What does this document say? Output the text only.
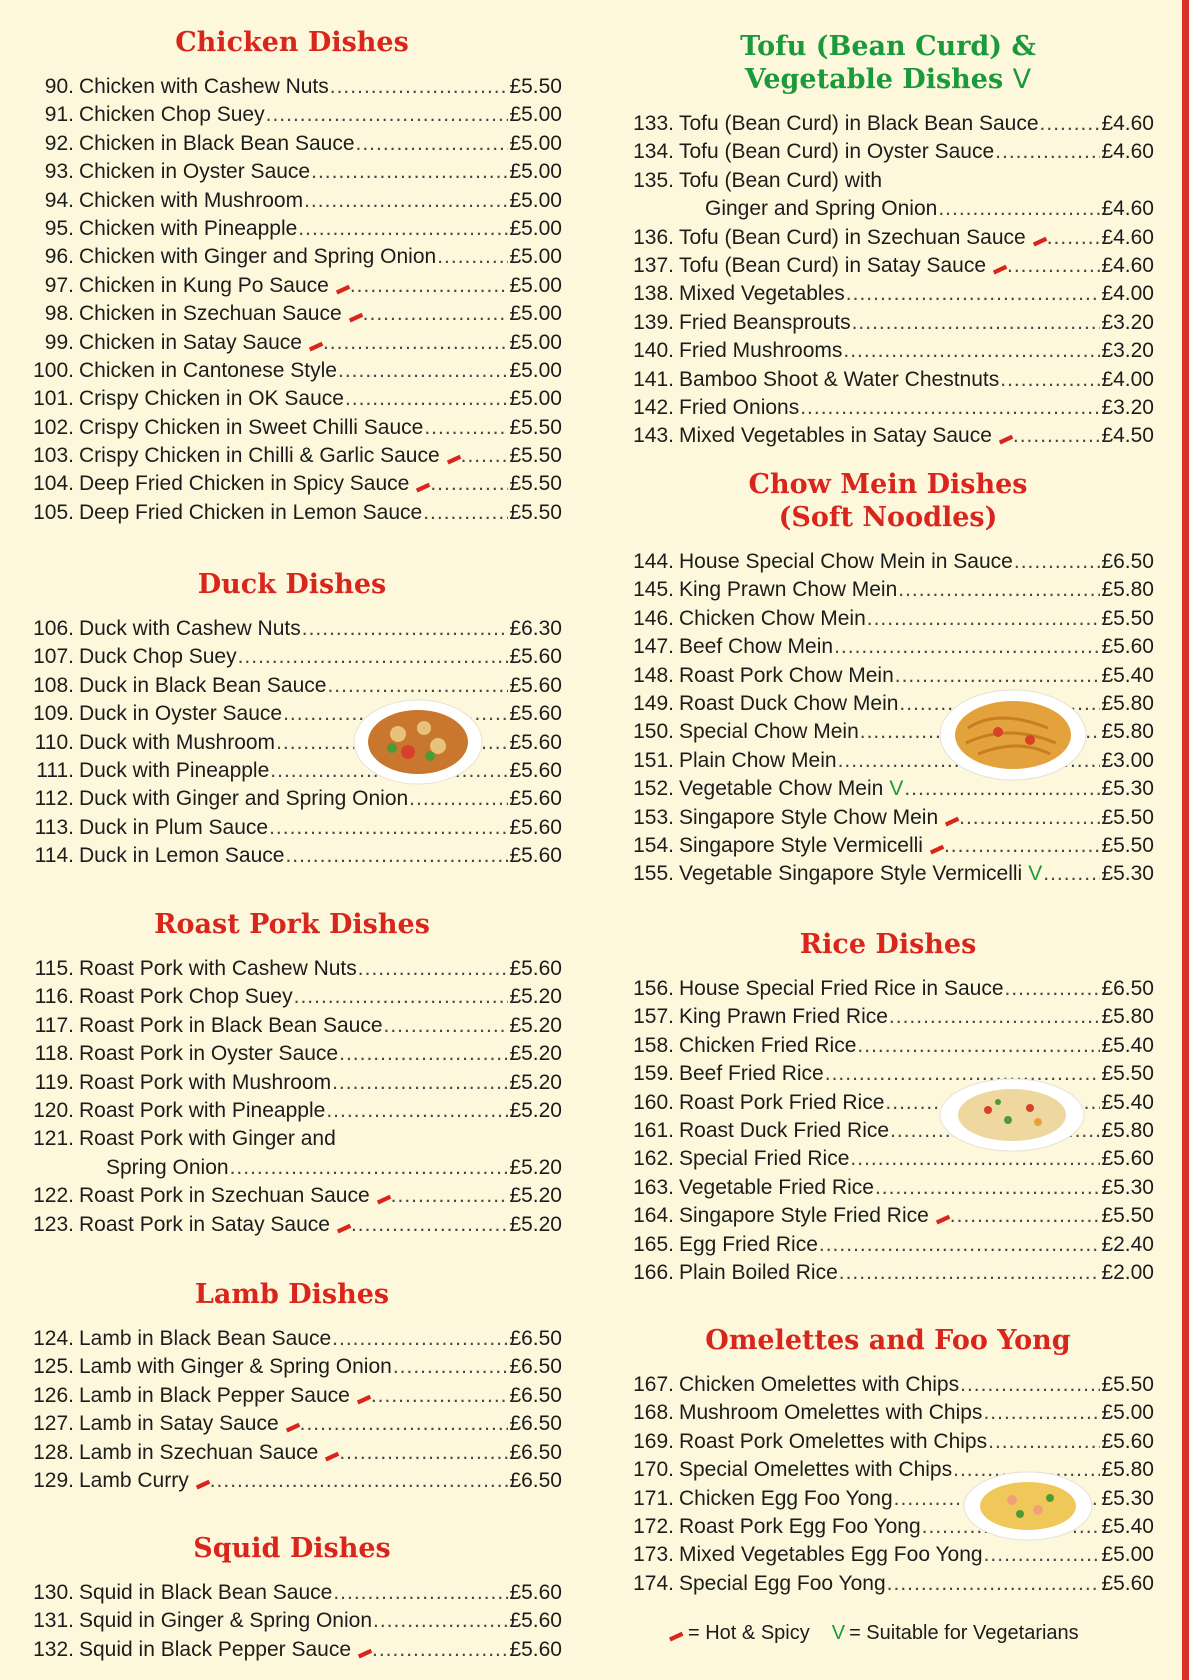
Chicken Dishes
90. Chicken with Cashew Nuts .....	£5.50
91. Chicken Chop Suey .....	£5.00
92. Chicken in Black Bean Sauce .....	£5.00
93. Chicken in Oyster Sauce .....	£5.00
94. Chicken with Mushroom .....	£5.00
95. Chicken with Pineapple .....	£5.00
96. Chicken with Ginger and Spring Onion .....	£5.00
97. Chicken in Kung Po Sauce ▬ .....	£5.00
98. Chicken in Szechuan Sauce ▬ .....	£5.00
99. Chicken in Satay Sauce ▬ .....	£5.00
100. Chicken in Cantonese Style .....	£5.00
101. Crispy Chicken in OK Sauce .....	£5.00
102. Crispy Chicken in Sweet Chilli Sauce .....	£5.50
103. Crispy Chicken in Chilli & Garlic Sauce ▬ ..... £5.50
104. Deep Fried Chicken in Spicy Sauce ▬ .....	£5.50
105. Deep Fried Chicken in Lemon Sauce .....	£5.50
Duck Dishes
106. Duck with Cashew Nuts .....	£6.30
107. Duck Chop Suey .....	£5.60
108. Duck in Black Bean Sauce .....	£5.60
109. Duck in Oyster Sauce .....	£5.60
110. Duck with Mushroom .....	£5.60
111. Duck with Pineapple .....	£5.60
112. Duck with Ginger and Spring Onion .....	£5.60
113. Duck in Plum Sauce .....	£5.60
114. Duck in Lemon Sauce .....	£5.60
Roast Pork Dishes
115. Roast Pork with Cashew Nuts .....	£5.60
116. Roast Pork Chop Suey .....	£5.20
117. Roast Pork in Black Bean Sauce .....	£5.20
118. Roast Pork in Oyster Sauce .....	£5.20
119. Roast Pork with Mushroom .....	£5.20
120. Roast Pork with Pineapple .....	£5.20
121. Roast Pork with Ginger and
Spring Onion .....	£5.20
122. Roast Pork in Szechuan Sauce ▬ .....	£5.20
123. Roast Pork in Satay Sauce ▬ .....	£5.20
Lamb Dishes
124. Lamb in Black Bean Sauce .....	£6.50
125. Lamb with Ginger & Spring Onion .....	£6.50
126. Lamb in Black Pepper Sauce ▬ .....	£6.50
127. Lamb in Satay Sauce ▬ .....	£6.50
128. Lamb in Szechuan Sauce ▬ .....	£6.50
129. Lamb Curry ▬ .....	£6.50
Squid Dishes
130. Squid in Black Bean Sauce .....	£5.60
131. Squid in Ginger & Spring Onion .....	£5.60
132. Squid in Black Pepper Sauce ▬ .....	£5.60
Tofu (Bean Curd) &
Vegetable Dishes V
133. Tofu (Bean Curd) in Black Bean Sauce .....	£4.60
134. Tofu (Bean Curd) in Oyster Sauce .....	£4.60
135. Tofu (Bean Curd) with
Ginger and Spring Onion .....	£4.60
136. Tofu (Bean Curd) in Szechuan Sauce ▬ .....	£4.60
137. Tofu (Bean Curd) in Satay Sauce ▬ .....	£4.60
138. Mixed Vegetables .....	£4.00
139. Fried Beansprouts .....	£3.20
140. Fried Mushrooms .....	£3.20
141. Bamboo Shoot & Water Chestnuts .....	£4.00
142. Fried Onions .....	£3.20
143. Mixed Vegetables in Satay Sauce ▬ .....	£4.50
Chow Mein Dishes
(Soft Noodles)
144. House Special Chow Mein in Sauce .....	£6.50
145. King Prawn Chow Mein .....	£5.80
146. Chicken Chow Mein .....	£5.50
147. Beef Chow Mein .....	£5.60
148. Roast Pork Chow Mein .....	£5.40
149. Roast Duck Chow Mein .....	£5.80
150. Special Chow Mein .....	£5.80
151. Plain Chow Mein .....	£3.00
152. Vegetable Chow Mein V .....	£5.30
153. Singapore Style Chow Mein ▬ .....	£5.50
154. Singapore Style Vermicelli ▬ .....	£5.50
155. Vegetable Singapore Style Vermicelli V .....	£5.30
Rice Dishes
156. House Special Fried Rice in Sauce .....	£6.50
157. King Prawn Fried Rice .....	£5.80
158. Chicken Fried Rice .....	£5.40
159. Beef Fried Rice .....	£5.50
160. Roast Pork Fried Rice .....	£5.40
161. Roast Duck Fried Rice .....	£5.80
162. Special Fried Rice .....	£5.60
163. Vegetable Fried Rice .....	£5.30
164. Singapore Style Fried Rice ▬ .....	£5.50
165. Egg Fried Rice .....	£2.40
166. Plain Boiled Rice .....	£2.00
Omelettes and Foo Yong
167. Chicken Omelettes with Chips .....	£5.50
168. Mushroom Omelettes with Chips .....	£5.00
169. Roast Pork Omelettes with Chips .....	£5.60
170. Special Omelettes with Chips .....	£5.80
171. Chicken Egg Foo Yong .....	£5.30
172. Roast Pork Egg Foo Yong .....	£5.40
173. Mixed Vegetables Egg Foo Yong .....	£5.00
174. Special Egg Foo Yong .....	£5.60
▬ = Hot & Spicy V = Suitable for Vegetarians
